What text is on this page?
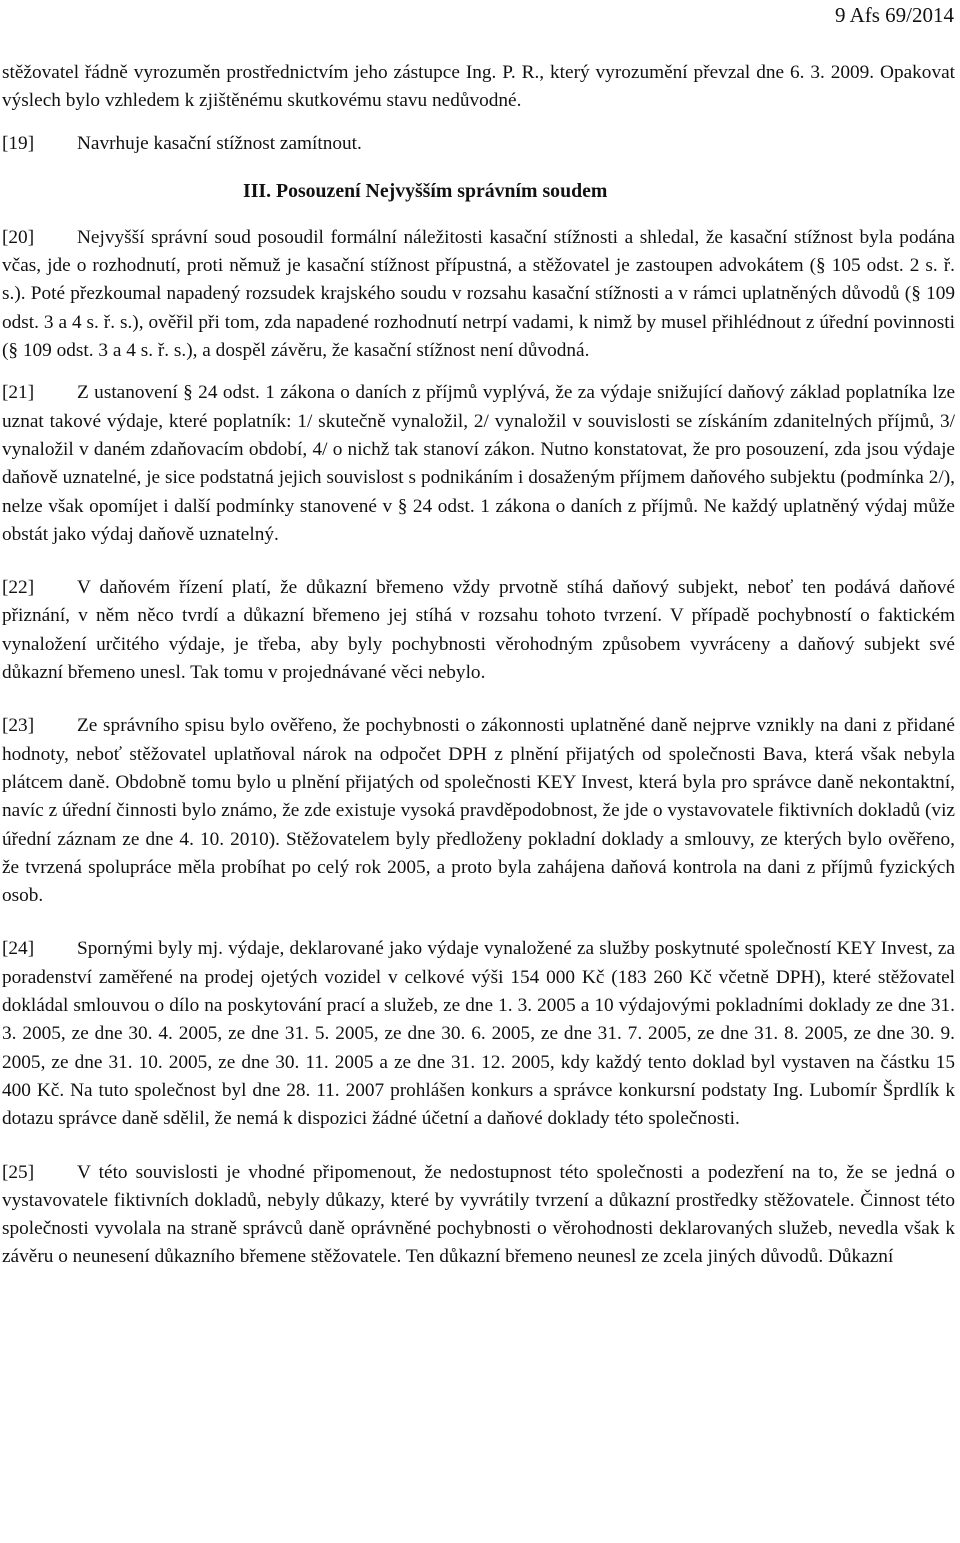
9 Afs 69/2014

stěžovatel řádně vyrozuměn prostřednictvím jeho zástupce Ing. P. R., který vyrozumění převzal dne 6. 3. 2009. Opakovat výslech bylo vzhledem k zjištěnému skutkovému stavu nedůvodné.

[19] Navrhuje kasační stížnost zamítnout.

III. Posouzení Nejvyšším správním soudem

[20] Nejvyšší správní soud posoudil formální náležitosti kasační stížnosti a shledal, že kasační stížnost byla podána včas, jde o rozhodnutí, proti němuž je kasační stížnost přípustná, a stěžovatel je zastoupen advokátem (§ 105 odst. 2 s. ř. s.). Poté přezkoumal napadený rozsudek krajského soudu v rozsahu kasační stížnosti a v rámci uplatněných důvodů (§ 109 odst. 3 a 4 s. ř. s.), ověřil při tom, zda napadené rozhodnutí netrpí vadami, k nimž by musel přihlédnout z úřední povinnosti (§ 109 odst. 3 a 4 s. ř. s.), a dospěl závěru, že kasační stížnost není důvodná.

[21] Z ustanovení § 24 odst. 1 zákona o daních z příjmů vyplývá, že za výdaje snižující daňový základ poplatníka lze uznat takové výdaje, které poplatník: 1/ skutečně vynaložil, 2/ vynaložil v souvislosti se získáním zdanitelných příjmů, 3/ vynaložil v daném zdaňovacím období, 4/ o nichž tak stanoví zákon. Nutno konstatovat, že pro posouzení, zda jsou výdaje daňově uznatelné, je sice podstatná jejich souvislost s podnikáním i dosaženým příjmem daňového subjektu (podmínka 2/), nelze však opomíjet i další podmínky stanovené v § 24 odst. 1 zákona o daních z příjmů. Ne každý uplatněný výdaj může obstát jako výdaj daňově uznatelný.

[22] V daňovém řízení platí, že důkazní břemeno vždy prvotně stíhá daňový subjekt, neboť ten podává daňové přiznání, v něm něco tvrdí a důkazní břemeno jej stíhá v rozsahu tohoto tvrzení. V případě pochybností o faktickém vynaložení určitého výdaje, je třeba, aby byly pochybnosti věrohodným způsobem vyvráceny a daňový subjekt své důkazní břemeno unesl. Tak tomu v projednávané věci nebylo.

[23] Ze správního spisu bylo ověřeno, že pochybnosti o zákonnosti uplatněné daně nejprve vznikly na dani z přidané hodnoty, neboť stěžovatel uplatňoval nárok na odpočet DPH z plnění přijatých od společnosti Bava, která však nebyla plátcem daně. Obdobně tomu bylo u plnění přijatých od společnosti KEY Invest, která byla pro správce daně nekontaktní, navíc z úřední činnosti bylo známo, že zde existuje vysoká pravděpodobnost, že jde o vystavovatele fiktivních dokladů (viz úřední záznam ze dne 4. 10. 2010). Stěžovatelem byly předloženy pokladní doklady a smlouvy, ze kterých bylo ověřeno, že tvrzená spolupráce měla probíhat po celý rok 2005, a proto byla zahájena daňová kontrola na dani z příjmů fyzických osob.

[24] Spornými byly mj. výdaje, deklarované jako výdaje vynaložené za služby poskytnuté společností KEY Invest, za poradenství zaměřené na prodej ojetých vozidel v celkové výši 154 000 Kč (183 260 Kč včetně DPH), které stěžovatel dokládal smlouvou o dílo na poskytování prací a služeb, ze dne 1. 3. 2005 a 10 výdajovými pokladními doklady ze dne 31. 3. 2005, ze dne 30. 4. 2005, ze dne 31. 5. 2005, ze dne 30. 6. 2005, ze dne 31. 7. 2005, ze dne 31. 8. 2005, ze dne 30. 9. 2005, ze dne 31. 10. 2005, ze dne 30. 11. 2005 a ze dne 31. 12. 2005, kdy každý tento doklad byl vystaven na částku 15 400 Kč. Na tuto společnost byl dne 28. 11. 2007 prohlášen konkurs a správce konkursní podstaty Ing. Lubomír Šprdlík k dotazu správce daně sdělil, že nemá k dispozici žádné účetní a daňové doklady této společnosti.

[25] V této souvislosti je vhodné připomenout, že nedostupnost této společnosti a podezření na to, že se jedná o vystavovatele fiktivních dokladů, nebyly důkazy, které by vyvrátily tvrzení a důkazní prostředky stěžovatele. Činnost této společnosti vyvolala na straně správců daně oprávněné pochybnosti o věrohodnosti deklarovaných služeb, nevedla však k závěru o neunesení důkazního břemene stěžovatele. Ten důkazní břemeno neunesl ze zcela jiných důvodů. Důkazní
